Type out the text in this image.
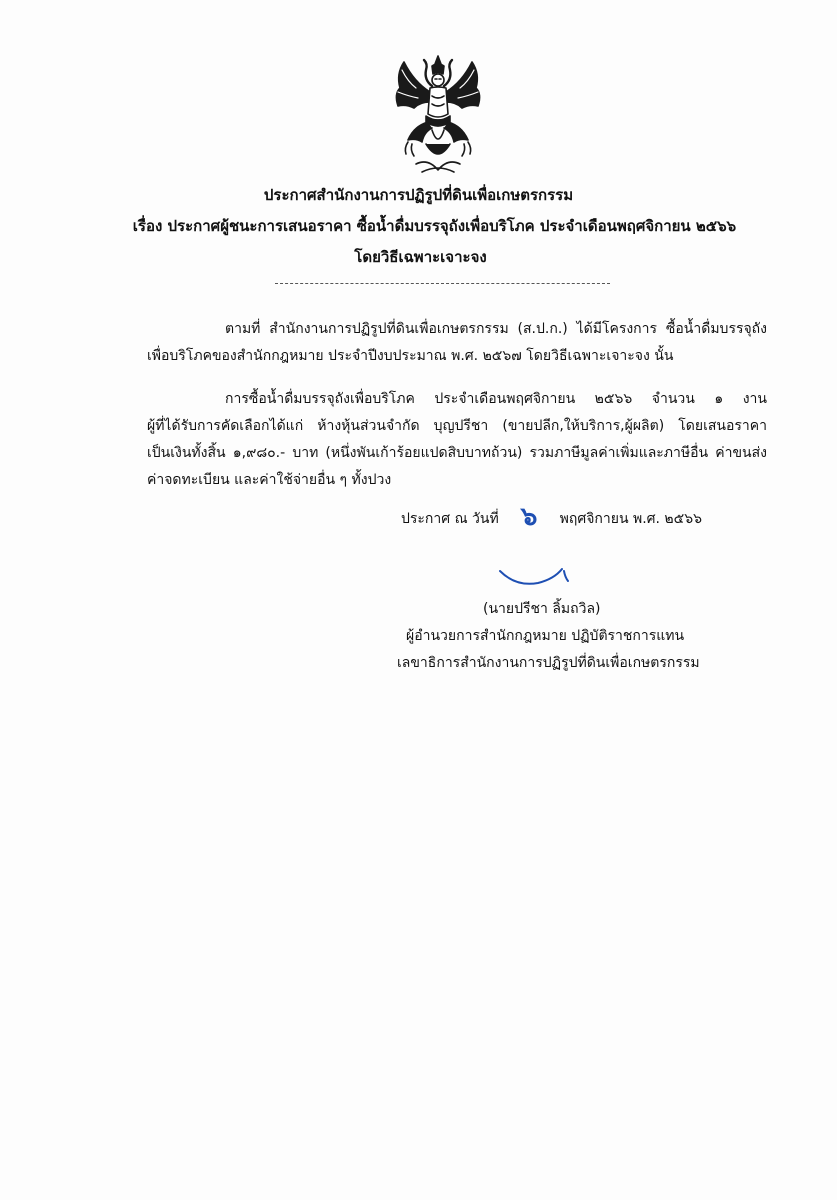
ประกาศสำนักงานการปฏิรูปที่ดินเพื่อเกษตรกรรม
เรื่อง ประกาศผู้ชนะการเสนอราคา ซื้อน้ำดื่มบรรจุถังเพื่อบริโภค ประจำเดือนพฤศจิกายน ๒๕๖๖
โดยวิธีเฉพาะเจาะจง

ตามที่ สำนักงานการปฏิรูปที่ดินเพื่อเกษตรกรรม (ส.ป.ก.) ได้มีโครงการ ซื้อน้ำดื่มบรรจุถัง
เพื่อบริโภคของสำนักกฎหมาย ประจำปีงบประมาณ พ.ศ. ๒๕๖๗ โดยวิธีเฉพาะเจาะจง นั้น

การซื้อน้ำดื่มบรรจุถังเพื่อบริโภค ประจำเดือนพฤศจิกายน ๒๕๖๖ จำนวน ๑ งาน
ผู้ที่ได้รับการคัดเลือกได้แก่ ห้างหุ้นส่วนจำกัด บุญปรีชา (ขายปลีก,ให้บริการ,ผู้ผลิต) โดยเสนอราคา
เป็นเงินทั้งสิ้น ๑,๙๘๐.- บาท (หนึ่งพันเก้าร้อยแปดสิบบาทถ้วน) รวมภาษีมูลค่าเพิ่มและภาษีอื่น ค่าขนส่ง
ค่าจดทะเบียน และค่าใช้จ่ายอื่น ๆ ทั้งปวง

ประกาศ ณ วันที่ ๖ พฤศจิกายน พ.ศ. ๒๕๖๖
(นายปรีชา ลิ้มถวิล)
ผู้อำนวยการสำนักกฎหมาย ปฏิบัติราชการแทน
เลขาธิการสำนักงานการปฏิรูปที่ดินเพื่อเกษตรกรรม
